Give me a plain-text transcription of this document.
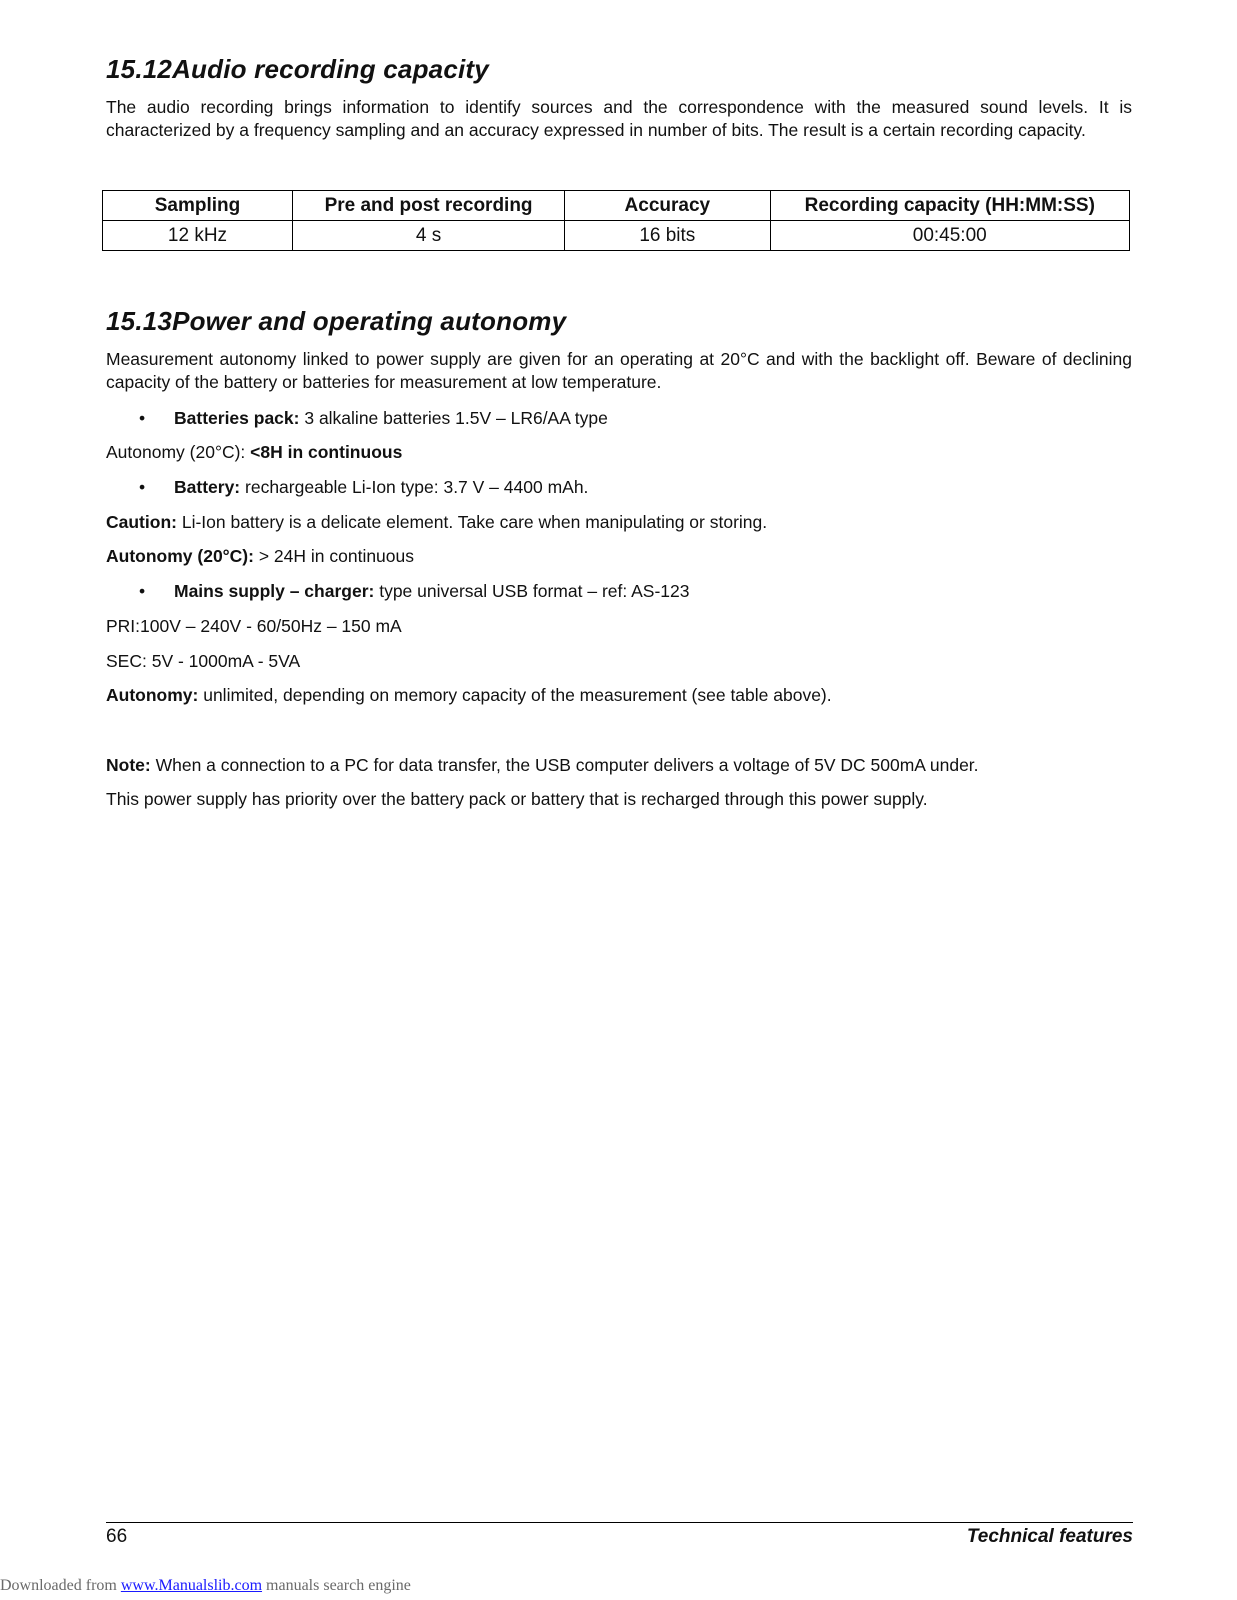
15.12Audio recording capacity

The audio recording brings information to identify sources and the correspondence with the measured sound levels. It is characterized by a frequency sampling and an accuracy expressed in number of bits. The result is a certain recording capacity.

Sampling	Pre and post recording	Accuracy	Recording capacity (HH:MM:SS)
12 kHz	4 s	16 bits	00:45:00
15.13Power and operating autonomy

Measurement autonomy linked to power supply are given for an operating at 20°C and with the backlight off. Beware of declining capacity of the battery or batteries for measurement at low temperature.

• Batteries pack: 3 alkaline batteries 1.5V – LR6/AA type

Autonomy (20°C): <8H in continuous

• Battery: rechargeable Li-Ion type: 3.7 V – 4400 mAh.

Caution: Li-Ion battery is a delicate element. Take care when manipulating or storing.

Autonomy (20°C): > 24H in continuous

• Mains supply – charger: type universal USB format – ref: AS-123

PRI:100V – 240V - 60/50Hz – 150 mA

SEC: 5V - 1000mA - 5VA

Autonomy: unlimited, depending on memory capacity of the measurement (see table above).

Note: When a connection to a PC for data transfer, the USB computer delivers a voltage of 5V DC 500mA under.

This power supply has priority over the battery pack or battery that is recharged through this power supply.

66	Technical features
Downloaded from www.Manualslib.com manuals search engine
